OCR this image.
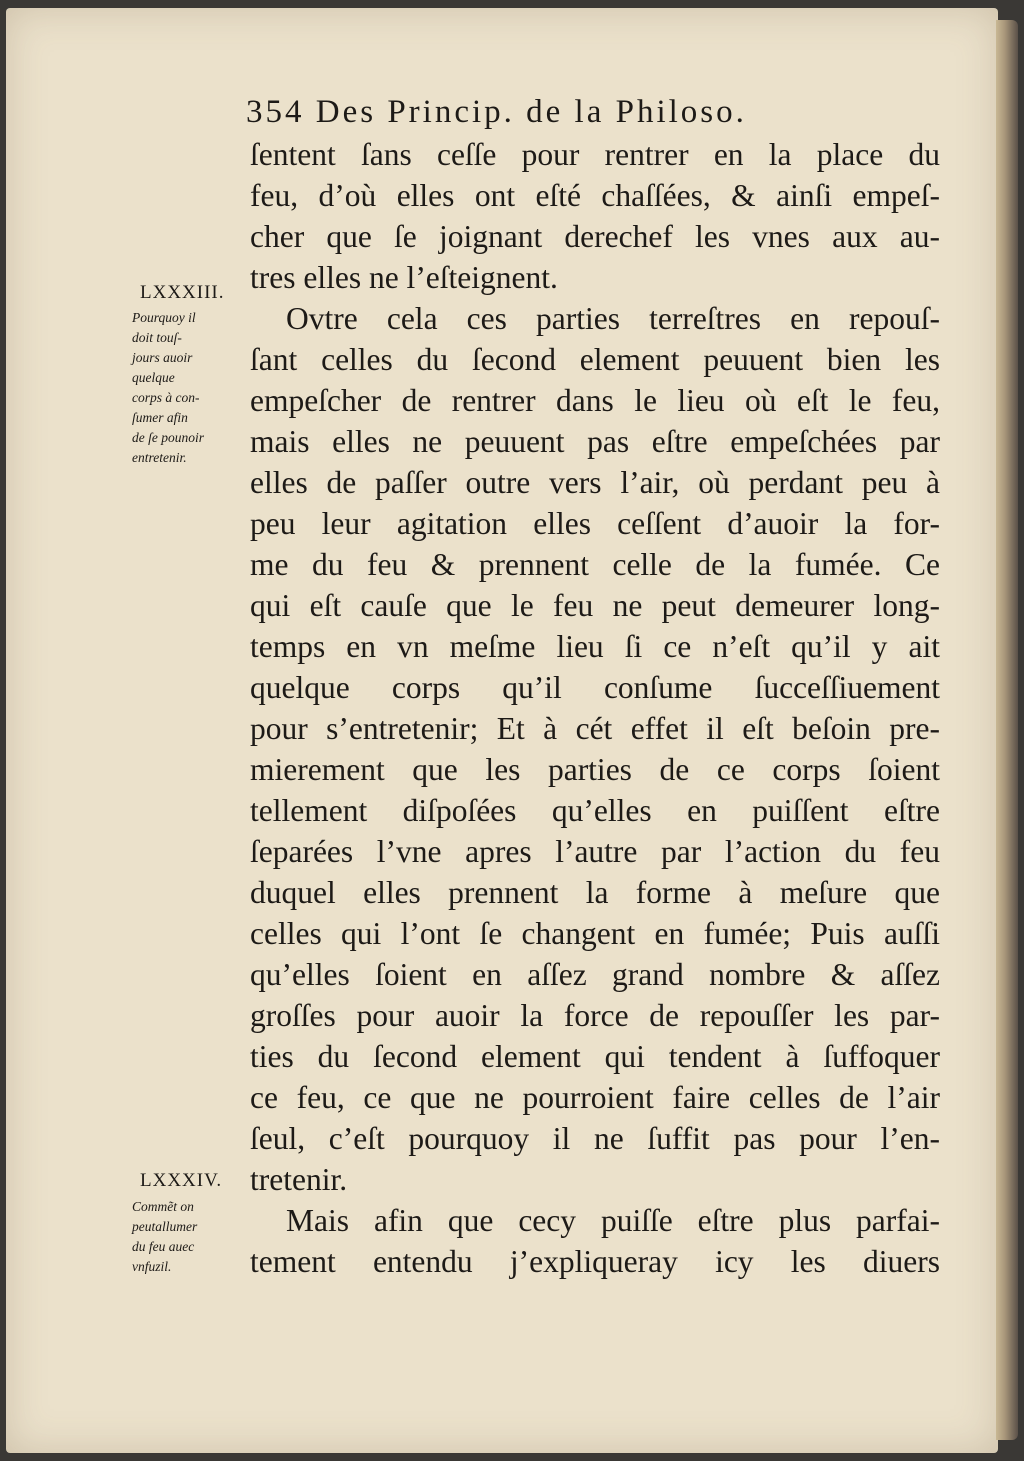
354 Des Princip. de la Philoso.
LXXXIII.
Pourquoy il
doit touſ-
jours auoir
quelque
corps à con-
ſumer afin
de ſe pounoir
entretenir.
LXXXIV.
Commẽt on
peutallumer
du feu auec
vnfuzil.
ſentent ſans ceſſe pour rentrer en la place du
feu, d’où elles ont eſté chaſſées, & ainſi empeſ-
cher que ſe joignant derechef les vnes aux au-
tres elles ne l’eſteignent.
Ovtre cela ces parties terreſtres en repouſ-
ſant celles du ſecond element peuuent bien les
empeſcher de rentrer dans le lieu où eſt le feu,
mais elles ne peuuent pas eſtre empeſchées par
elles de paſſer outre vers l’air, où perdant peu à
peu leur agitation elles ceſſent d’auoir la for-
me du feu & prennent celle de la fumée. Ce
qui eſt cauſe que le feu ne peut demeurer long-
temps en vn meſme lieu ſi ce n’eſt qu’il y ait
quelque corps qu’il conſume ſucceſſiuement
pour s’entretenir; Et à cét effet il eſt beſoin pre-
mierement que les parties de ce corps ſoient
tellement diſpoſées qu’elles en puiſſent eſtre
ſeparées l’vne apres l’autre par l’action du feu
duquel elles prennent la forme à meſure que
celles qui l’ont ſe changent en fumée; Puis auſſi
qu’elles ſoient en aſſez grand nombre & aſſez
groſſes pour auoir la force de repouſſer les par-
ties du ſecond element qui tendent à ſuffoquer
ce feu, ce que ne pourroient faire celles de l’air
ſeul, c’eſt pourquoy il ne ſuffit pas pour l’en-
tretenir.
Mais afin que cecy puiſſe eſtre plus parfai-
tement entendu j’expliqueray icy les diuers
